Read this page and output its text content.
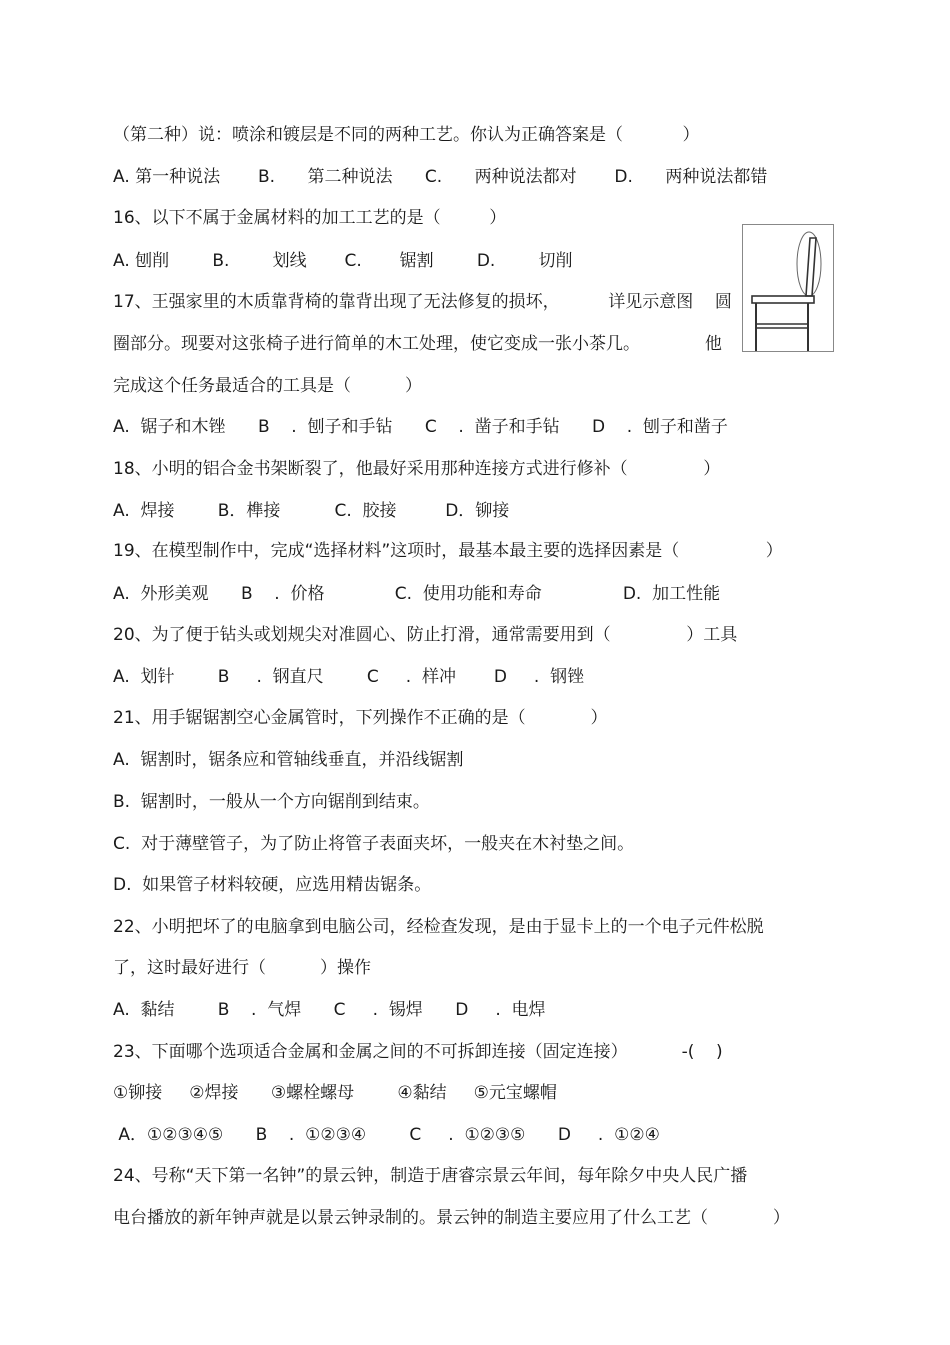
（第二种）说：喷涂和镀层是不同的两种工艺。你认为正确答案是（           ）
A. 第一种说法       B.      第二种说法      C.      两种说法都对       D.      两种说法都错
16、以下不属于金属材料的加工工艺的是（         ）
A. 刨削        B.        划线       C.       锯割        D.        切削
17、王强家里的木质靠背椅的靠背出现了无法修复的损坏，         详见示意图    圆
圈部分。现要对这张椅子进行简单的木工处理，使它变成一张小茶几。            他
完成这个任务最适合的工具是（          ）
A.  锯子和木锉      B    .  刨子和手钻      C    .  凿子和手钻      D    .  刨子和凿子
18、小明的铝合金书架断裂了，他最好采用那种连接方式进行修补（              ）
A.  焊接        B．榫接          C.  胶接         D．铆接
19、在模型制作中，完成“选择材料”这项时，最基本最主要的选择因素是（                ）
A.  外形美观      B    .  价格             C.  使用功能和寿命               D.  加工性能
20、为了便于钻头或划规尖对准圆心、防止打滑，通常需要用到（              ）工具
A.  划针        B     .  钢直尺        C     .  样冲       D     .  钢锉
21、用手锯锯割空心金属管时，下列操作不正确的是（            ）
A.  锯割时，锯条应和管轴线垂直，并沿线锯割
B.  锯割时，一般从一个方向锯削到结束。
C.  对于薄壁管子，为了防止将管子表面夹坏，一般夹在木衬垫之间。
D.  如果管子材料较硬，应选用精齿锯条。
22、小明把坏了的电脑拿到电脑公司，经检查发现，是由于显卡上的一个电子元件松脱
了，这时最好进行（          ）操作
A.  黏结        B    .  气焊      C     .  锡焊      D     .  电焊
23、下面哪个选项适合金属和金属之间的不可拆卸连接（固定连接）          -(    )
①铆接     ②焊接      ③螺栓螺母        ④黏结     ⑤元宝螺帽
A．①②③④⑤      B    .  ①②③④        C     .  ①②③⑤      D     .  ①②④
24、号称“天下第一名钟”的景云钟，制造于唐睿宗景云年间，每年除夕中央人民广播
电台播放的新年钟声就是以景云钟录制的。景云钟的制造主要应用了什么工艺（            ）
